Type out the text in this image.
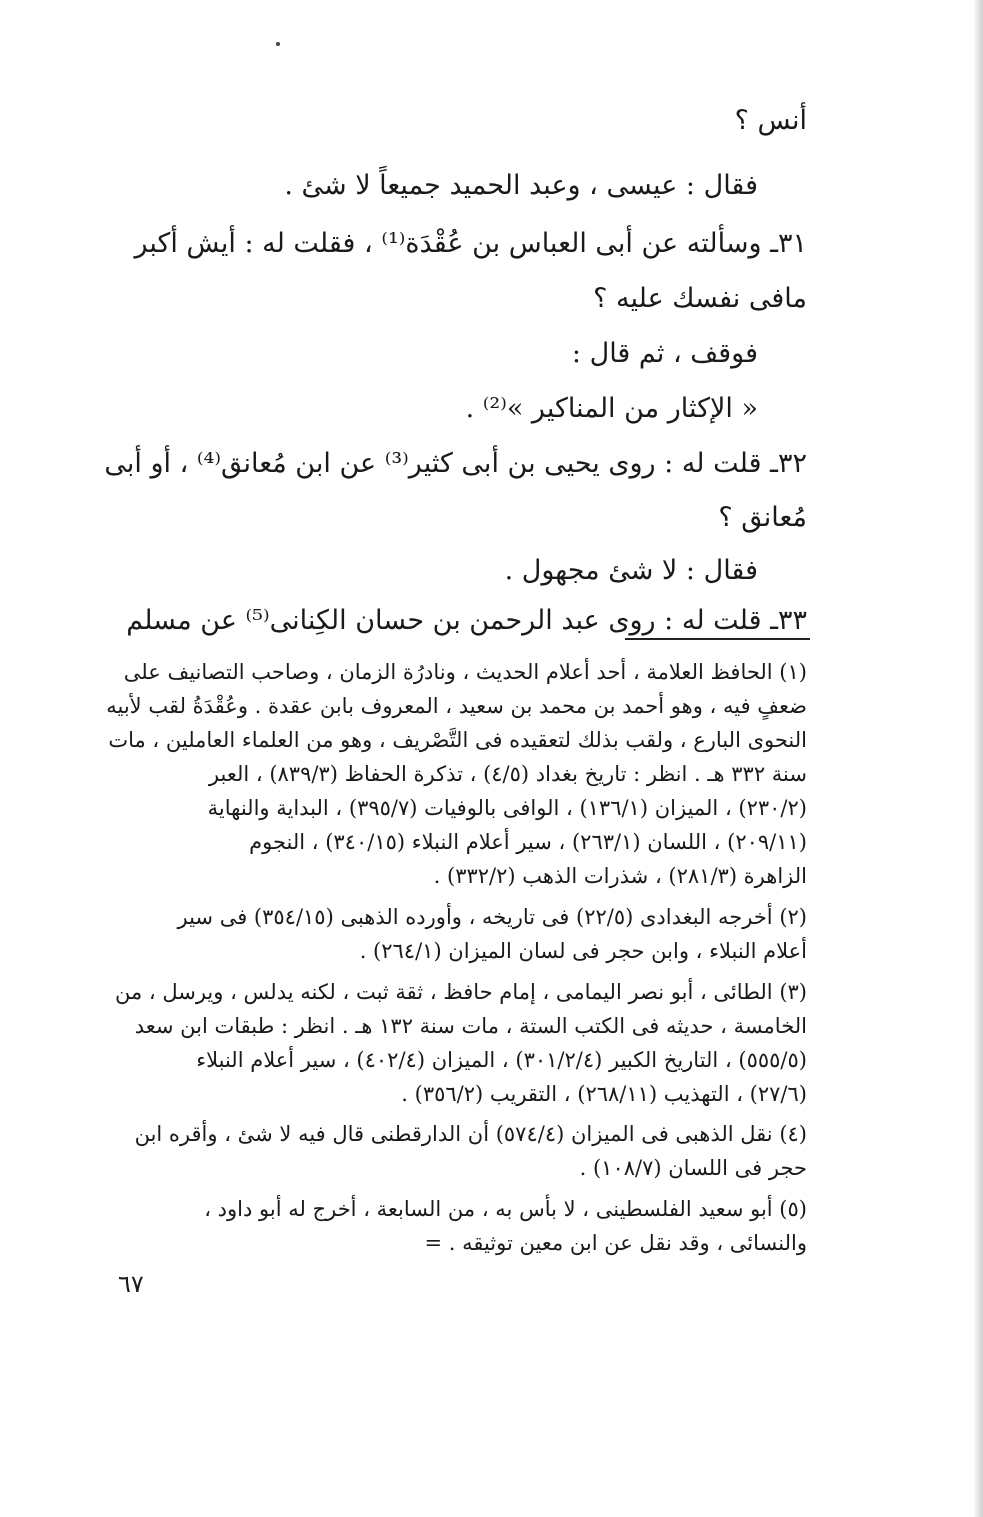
أنس ؟
فقال : عيسى ، وعبد الحميد جميعاً لا شئ .
٣١ـ وسألته عن أبى العباس بن عُقْدَة⁽¹⁾ ، فقلت له : أيش أكبر
مافى نفسك عليه ؟
فوقف ، ثم قال :
« الإكثار من المناكير »⁽²⁾ .
٣٢ـ قلت له : روى يحيى بن أبى كثير⁽³⁾ عن ابن مُعانق⁽⁴⁾ ، أو أبى
مُعانق ؟
فقال : لا شئ مجهول .
٣٣ـ قلت له : روى عبد الرحمن بن حسان الكِنانى⁽⁵⁾ عن مسلم
(١) الحافظ العلامة ، أحد أعلام الحديث ، ونادرُة الزمان ، وصاحب التصانيف على
ضعفٍ فيه ، وهو أحمد بن محمد بن سعيد ، المعروف بابن عقدة . وعُقْدَةُ لقب لأبيه
النحوى البارع ، ولقب بذلك لتعقيده فى التَّصْريف ، وهو من العلماء العاملين ، مات
سنة ٣٣٢ هـ . انظر : تاريخ بغداد (٤/٥) ، تذكرة الحفاظ (٨٣٩/٣) ، العبر
(٢٣٠/٢) ، الميزان (١٣٦/١) ، الوافى بالوفيات (٣٩٥/٧) ، البداية والنهاية
(٢٠٩/١١) ، اللسان (٢٦٣/١) ، سير أعلام النبلاء (٣٤٠/١٥) ، النجوم
الزاهرة (٢٨١/٣) ، شذرات الذهب (٣٣٢/٢) .
(٢) أخرجه البغدادى (٢٢/٥) فى تاريخه ، وأورده الذهبى (٣٥٤/١٥) فى سير
أعلام النبلاء ، وابن حجر فى لسان الميزان (٢٦٤/١) .
(٣) الطائى ، أبو نصر اليمامى ، إمام حافظ ، ثقة ثبت ، لكنه يدلس ، ويرسل ، من
الخامسة ، حديثه فى الكتب الستة ، مات سنة ١٣٢ هـ . انظر : طبقات ابن سعد
(٥٥٥/٥) ، التاريخ الكبير (٣٠١/٢/٤) ، الميزان (٤٠٢/٤) ، سير أعلام النبلاء
(٢٧/٦) ، التهذيب (٢٦٨/١١) ، التقريب (٣٥٦/٢) .
(٤) نقل الذهبى فى الميزان (٥٧٤/٤) أن الدارقطنى قال فيه لا شئ ، وأقره ابن
حجر فى اللسان (١٠٨/٧) .
(٥) أبو سعيد الفلسطينى ، لا بأس به ، من السابعة ، أخرج له أبو داود ،
والنسائى ، وقد نقل عن ابن معين توثيقه . =
٦٧
